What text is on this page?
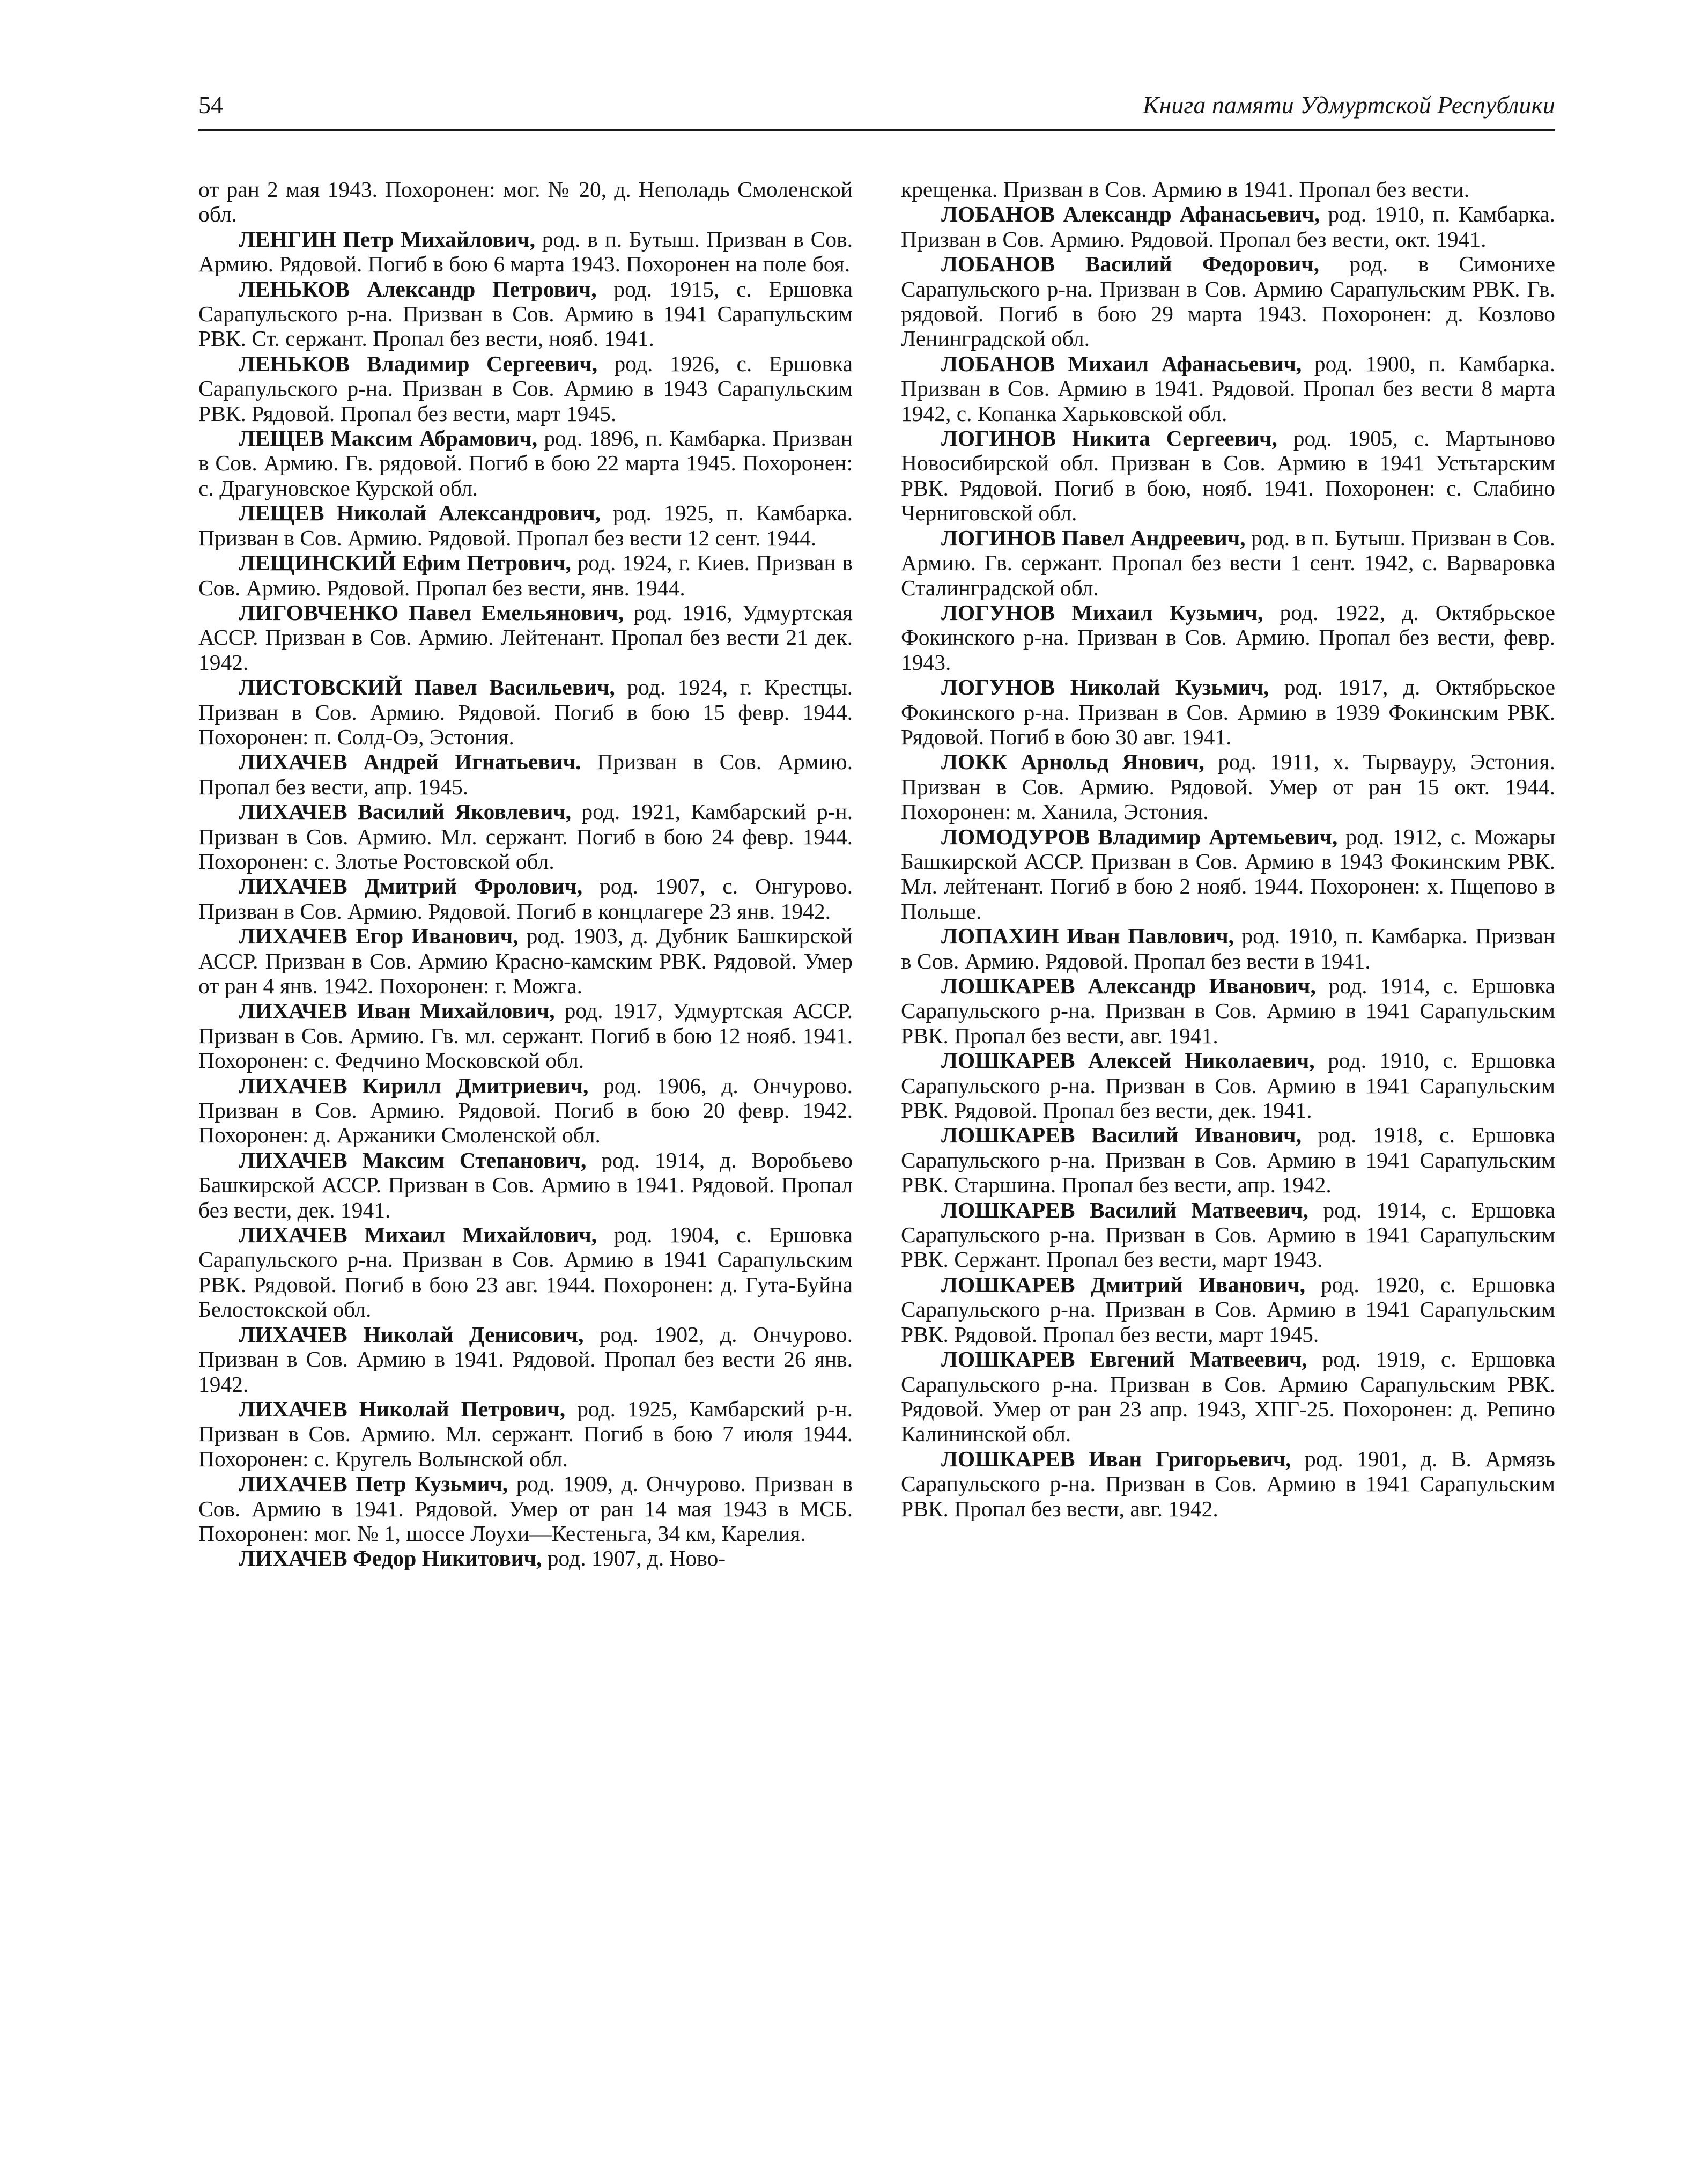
54	Книга памяти Удмуртской Республики

от ран 2 мая 1943. Похоронен: мог. № 20, д. Неполадь Смоленской обл.

ЛЕНГИН Петр Михайлович, род. в п. Бутыш. Призван в Сов. Армию. Рядовой. Погиб в бою 6 марта 1943. Похоронен на поле боя.

ЛЕНЬКОВ Александр Петрович, род. 1915, с. Ершовка Сарапульского р-на. Призван в Сов. Армию в 1941 Сарапульским РВК. Ст. сержант. Пропал без вести, нояб. 1941.

ЛЕНЬКОВ Владимир Сергеевич, род. 1926, с. Ершовка Сарапульского р-на. Призван в Сов. Армию в 1943 Сарапульским РВК. Рядовой. Пропал без вести, март 1945.

ЛЕЩЕВ Максим Абрамович, род. 1896, п. Камбарка. Призван в Сов. Армию. Гв. рядовой. Погиб в бою 22 марта 1945. Похоронен: с. Драгуновское Курской обл.

ЛЕЩЕВ Николай Александрович, род. 1925, п. Камбарка. Призван в Сов. Армию. Рядовой. Пропал без вести 12 сент. 1944.

ЛЕЩИНСКИЙ Ефим Петрович, род. 1924, г. Киев. Призван в Сов. Армию. Рядовой. Пропал без вести, янв. 1944.

ЛИГОВЧЕНКО Павел Емельянович, род. 1916, Удмуртская АССР. Призван в Сов. Армию. Лейтенант. Пропал без вести 21 дек. 1942.

ЛИСТОВСКИЙ Павел Васильевич, род. 1924, г. Крестцы. Призван в Сов. Армию. Рядовой. Погиб в бою 15 февр. 1944. Похоронен: п. Солд-Оэ, Эстония.

ЛИХАЧЕВ Андрей Игнатьевич. Призван в Сов. Армию. Пропал без вести, апр. 1945.

ЛИХАЧЕВ Василий Яковлевич, род. 1921, Камбарский р-н. Призван в Сов. Армию. Мл. сержант. Погиб в бою 24 февр. 1944. Похоронен: с. Злотье Ростовской обл.

ЛИХАЧЕВ Дмитрий Фролович, род. 1907, с. Онгурово. Призван в Сов. Армию. Рядовой. Погиб в концлагере 23 янв. 1942.

ЛИХАЧЕВ Егор Иванович, род. 1903, д. Дубник Башкирской АССР. Призван в Сов. Армию Красно-камским РВК. Рядовой. Умер от ран 4 янв. 1942. Похоронен: г. Можга.

ЛИХАЧЕВ Иван Михайлович, род. 1917, Удмуртская АССР. Призван в Сов. Армию. Гв. мл. сержант. Погиб в бою 12 нояб. 1941. Похоронен: с. Федчино Московской обл.

ЛИХАЧЕВ Кирилл Дмитриевич, род. 1906, д. Ончурово. Призван в Сов. Армию. Рядовой. Погиб в бою 20 февр. 1942. Похоронен: д. Аржаники Смоленской обл.

ЛИХАЧЕВ Максим Степанович, род. 1914, д. Воробьево Башкирской АССР. Призван в Сов. Армию в 1941. Рядовой. Пропал без вести, дек. 1941.

ЛИХАЧЕВ Михаил Михайлович, род. 1904, с. Ершовка Сарапульского р-на. Призван в Сов. Армию в 1941 Сарапульским РВК. Рядовой. Погиб в бою 23 авг. 1944. Похоронен: д. Гута-Буйна Белостокской обл.

ЛИХАЧЕВ Николай Денисович, род. 1902, д. Ончурово. Призван в Сов. Армию в 1941. Рядовой. Пропал без вести 26 янв. 1942.

ЛИХАЧЕВ Николай Петрович, род. 1925, Камбарский р-н. Призван в Сов. Армию. Мл. сержант. Погиб в бою 7 июля 1944. Похоронен: с. Кругель Волынской обл.

ЛИХАЧЕВ Петр Кузьмич, род. 1909, д. Ончурово. Призван в Сов. Армию в 1941. Рядовой. Умер от ран 14 мая 1943 в МСБ. Похоронен: мог. № 1, шоссе Лоухи—Кестеньга, 34 км, Карелия.

ЛИХАЧЕВ Федор Никитович, род. 1907, д. Ново-

крещенка. Призван в Сов. Армию в 1941. Пропал без вести.

ЛОБАНОВ Александр Афанасьевич, род. 1910, п. Камбарка. Призван в Сов. Армию. Рядовой. Пропал без вести, окт. 1941.

ЛОБАНОВ Василий Федорович, род. в Симонихе Сарапульского р-на. Призван в Сов. Армию Сарапульским РВК. Гв. рядовой. Погиб в бою 29 марта 1943. Похоронен: д. Козлово Ленинградской обл.

ЛОБАНОВ Михаил Афанасьевич, род. 1900, п. Камбарка. Призван в Сов. Армию в 1941. Рядовой. Пропал без вести 8 марта 1942, с. Копанка Харьковской обл.

ЛОГИНОВ Никита Сергеевич, род. 1905, с. Мартыново Новосибирской обл. Призван в Сов. Армию в 1941 Устьтарским РВК. Рядовой. Погиб в бою, нояб. 1941. Похоронен: с. Слабино Черниговской обл.

ЛОГИНОВ Павел Андреевич, род. в п. Бутыш. Призван в Сов. Армию. Гв. сержант. Пропал без вести 1 сент. 1942, с. Варваровка Сталинградской обл.

ЛОГУНОВ Михаил Кузьмич, род. 1922, д. Октябрьское Фокинского р-на. Призван в Сов. Армию. Пропал без вести, февр. 1943.

ЛОГУНОВ Николай Кузьмич, род. 1917, д. Октябрьское Фокинского р-на. Призван в Сов. Армию в 1939 Фокинским РВК. Рядовой. Погиб в бою 30 авг. 1941.

ЛОКК Арнольд Янович, род. 1911, х. Тырвауру, Эстония. Призван в Сов. Армию. Рядовой. Умер от ран 15 окт. 1944. Похоронен: м. Ханила, Эстония.

ЛОМОДУРОВ Владимир Артемьевич, род. 1912, с. Можары Башкирской АССР. Призван в Сов. Армию в 1943 Фокинским РВК. Мл. лейтенант. Погиб в бою 2 нояб. 1944. Похоронен: х. Пщепово в Польше.

ЛОПАХИН Иван Павлович, род. 1910, п. Камбарка. Призван в Сов. Армию. Рядовой. Пропал без вести в 1941.

ЛОШКАРЕВ Александр Иванович, род. 1914, с. Ершовка Сарапульского р-на. Призван в Сов. Армию в 1941 Сарапульским РВК. Пропал без вести, авг. 1941.

ЛОШКАРЕВ Алексей Николаевич, род. 1910, с. Ершовка Сарапульского р-на. Призван в Сов. Армию в 1941 Сарапульским РВК. Рядовой. Пропал без вести, дек. 1941.

ЛОШКАРЕВ Василий Иванович, род. 1918, с. Ершовка Сарапульского р-на. Призван в Сов. Армию в 1941 Сарапульским РВК. Старшина. Пропал без вести, апр. 1942.

ЛОШКАРЕВ Василий Матвеевич, род. 1914, с. Ершовка Сарапульского р-на. Призван в Сов. Армию в 1941 Сарапульским РВК. Сержант. Пропал без вести, март 1943.

ЛОШКАРЕВ Дмитрий Иванович, род. 1920, с. Ершовка Сарапульского р-на. Призван в Сов. Армию в 1941 Сарапульским РВК. Рядовой. Пропал без вести, март 1945.

ЛОШКАРЕВ Евгений Матвеевич, род. 1919, с. Ершовка Сарапульского р-на. Призван в Сов. Армию Сарапульским РВК. Рядовой. Умер от ран 23 апр. 1943, ХПГ-25. Похоронен: д. Репино Калининской обл.

ЛОШКАРЕВ Иван Григорьевич, род. 1901, д. В. Армязь Сарапульского р-на. Призван в Сов. Армию в 1941 Сарапульским РВК. Пропал без вести, авг. 1942.
